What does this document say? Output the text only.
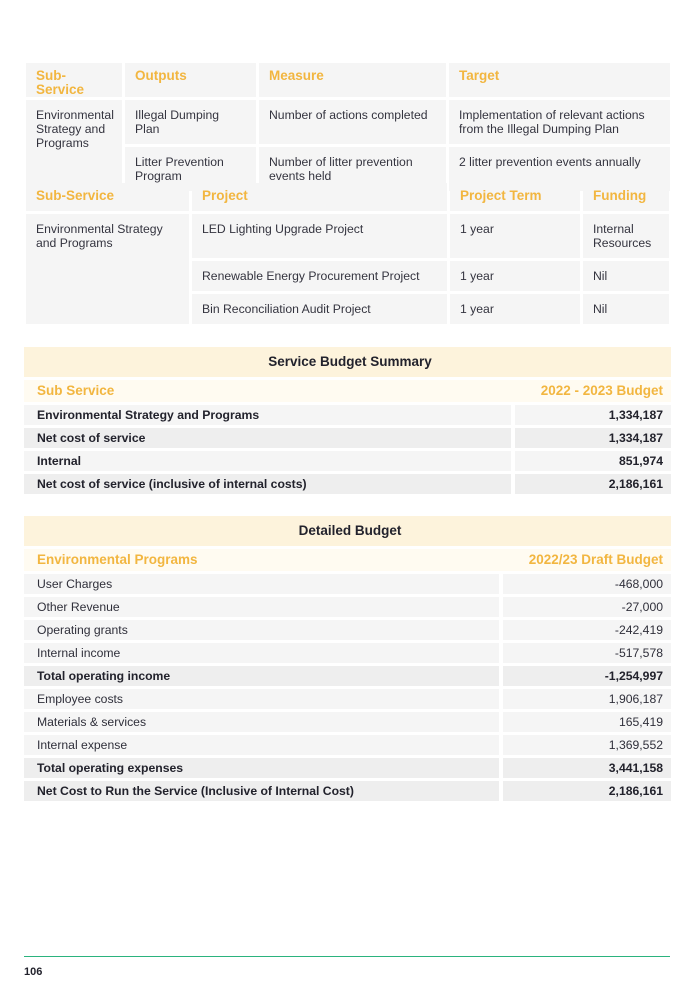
Sub-Service	Outputs	Measure	Target
Environmental Strategy and Programs	Illegal Dumping Plan	Number of actions completed	Implementation of relevant actions from the Illegal Dumping Plan
	Litter Prevention Program	Number of litter prevention events held	2 litter prevention events annually
Sub-Service	Project	Project Term	Funding
Environmental Strategy and Programs	LED Lighting Upgrade Project	1 year	Internal Resources
	Renewable Energy Procurement Project	1 year	Nil
	Bin Reconciliation Audit Project	1 year	Nil
Service Budget Summary		
Sub Service		2022 - 2023 Budget
Environmental Strategy and Programs		1,334,187
Net cost of service		1,334,187
Internal		851,974
Net cost of service (inclusive of internal costs)		2,186,161
Detailed Budget		
Environmental Programs		2022/23 Draft Budget
User Charges		-468,000
Other Revenue		-27,000
Operating grants		-242,419
Internal income		-517,578
Total operating income		-1,254,997
Employee costs		1,906,187
Materials & services		165,419
Internal expense		1,369,552
Total operating expenses		3,441,158
Net Cost to Run the Service (Inclusive of Internal Cost)		2,186,161
106
